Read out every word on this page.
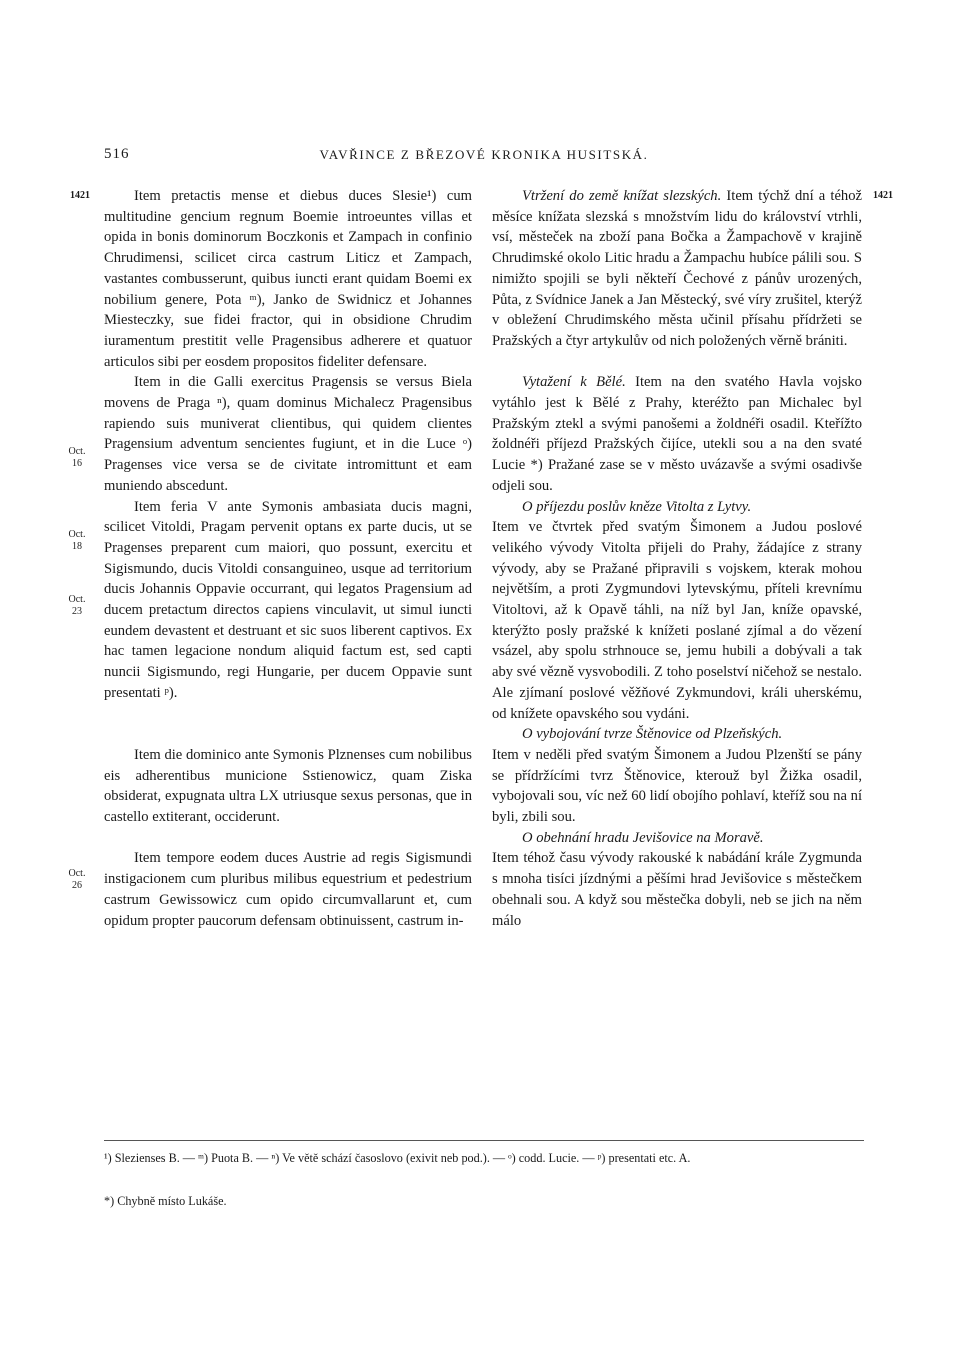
516	VAVŘINCE Z BŘEZOVÉ KRONIKA HUSITSKÁ.
1421	1421
Oct. 16
Oct. 18
Oct. 23
Oct. 26

Item pretactis mense et diebus duces Slesie¹) cum multitudine gencium regnum Boemie introeuntes villas et opida in bonis dominorum Boczkonis et Zampach in confinio Chrudimensi, scilicet circa castrum Liticz et Zampach, vastantes combusserunt, quibus iuncti erant quidam Boemi ex nobilium genere, Pota ᵐ), Janko de Swidnicz et Johannes Miesteczky, sue fidei fractor, qui in obsidione Chrudim iuramentum prestitit velle Pragensibus adherere et quatuor articulos sibi per eosdem propositos fideliter defensare.

Item in die Galli exercitus Pragensis se versus Biela movens de Praga ⁿ), quam dominus Michalecz Pragensibus rapiendo suis muniverat clientibus, qui quidem clientes Pragensium adventum sencientes fugiunt, et in die Luce ᵒ) Pragenses vice versa se de civitate intromittunt et eam muniendo abscedunt.

Item feria V ante Symonis ambasiata ducis magni, scilicet Vitoldi, Pragam pervenit optans ex parte ducis, ut se Pragenses preparent cum maiori, quo possunt, exercitu et Sigismundo, ducis Vitoldi consanguineo, usque ad territorium ducis Johannis Oppavie occurrant, qui legatos Pragensium ad ducem pretactum directos capiens vinculavit, ut simul iuncti eundem devastent et destruant et sic suos liberent captivos. Ex hac tamen legacione nondum aliquid factum est, sed capti nuncii Sigismundo, regi Hungarie, per ducem Oppavie sunt presentati ᵖ).

Item die dominico ante Symonis Plznenses cum nobilibus eis adherentibus municione Sstienowicz, quam Ziska obsiderat, expugnata ultra LX utriusque sexus personas, que in castello extiterant, occiderunt.

Item tempore eodem duces Austrie ad regis Sigismundi instigacionem cum pluribus milibus equestrium et pedestrium castrum Gewissowicz cum opido circumvallarunt et, cum opidum propter paucorum defensam obtinuissent, castrum in-

Vtržení do země knížat slezských. Item týchž dní a téhož měsíce knížata slezská s množstvím lidu do království vtrhli, vsí, městeček na zboží pana Bočka a Žampachově v krajině Chrudimské okolo Litic hradu a Žampachu hubíce pálili sou. S nimižto spojili se byli někteří Čechové z pánův urozených, Půta, z Svídnice Janek a Jan Městecký, své víry zrušitel, kterýž v obležení Chrudimského města učinil přísahu přídržeti se Pražských a čtyr artykulův od nich položených věrně brániti.

Vytažení k Bělé. Item na den svatého Havla vojsko vytáhlo jest k Bělé z Prahy, kteréžto pan Michalec byl Pražským ztekl a svými panošemi a žoldnéři osadil. Kteřížto žoldnéři příjezd Pražských čijíce, utekli sou a na den svaté Lucie *) Pražané zase se v město uvázavše a svými osadivše odjeli sou.

O příjezdu poslův kněze Vitolta z Lytvy.

Item ve čtvrtek před svatým Šimonem a Judou poslové velikého vývody Vitolta přijeli do Prahy, žádajíce z strany vývody, aby se Pražané připravili s vojskem, kterak mohou největším, a proti Zygmundovi lytevskýmu, příteli krevnímu Vitoltovi, až k Opavě táhli, na níž byl Jan, kníže opavské, kterýžto posly pražské k knížeti poslané zjímal a do vězení vsázel, aby spolu strhnouce se, jemu hubili a dobývali a tak aby své vězně vysvobodili. Z toho poselství ničehož se nestalo. Ale zjímaní poslové věžňové Zykmundovi, králi uherskému, od knížete opavského sou vydáni.

O vybojování tvrze Štěnovice od Plzeňských.

Item v neděli před svatým Šimonem a Judou Plzenští se pány se přídržícími tvrz Štěnovice, kterouž byl Žižka osadil, vybojovali sou, víc než 60 lidí obojího pohlaví, kteříž sou na ní byli, zbili sou.

O obehnání hradu Jevišovice na Moravě.

Item téhož času vývody rakouské k nabádání krále Zygmunda s mnoha tisíci jízdnými a pěšími hrad Jevišovice s městečkem obehnali sou. A když sou městečka dobyli, neb se jich na něm málo

¹) Slezienses B. — ᵐ) Puota B. — ⁿ) Ve větě schází časoslovo (exivit neb pod.). — ᵒ) codd. Lucie. — ᵖ) presentati etc. A.
*) Chybně místo Lukáše.
